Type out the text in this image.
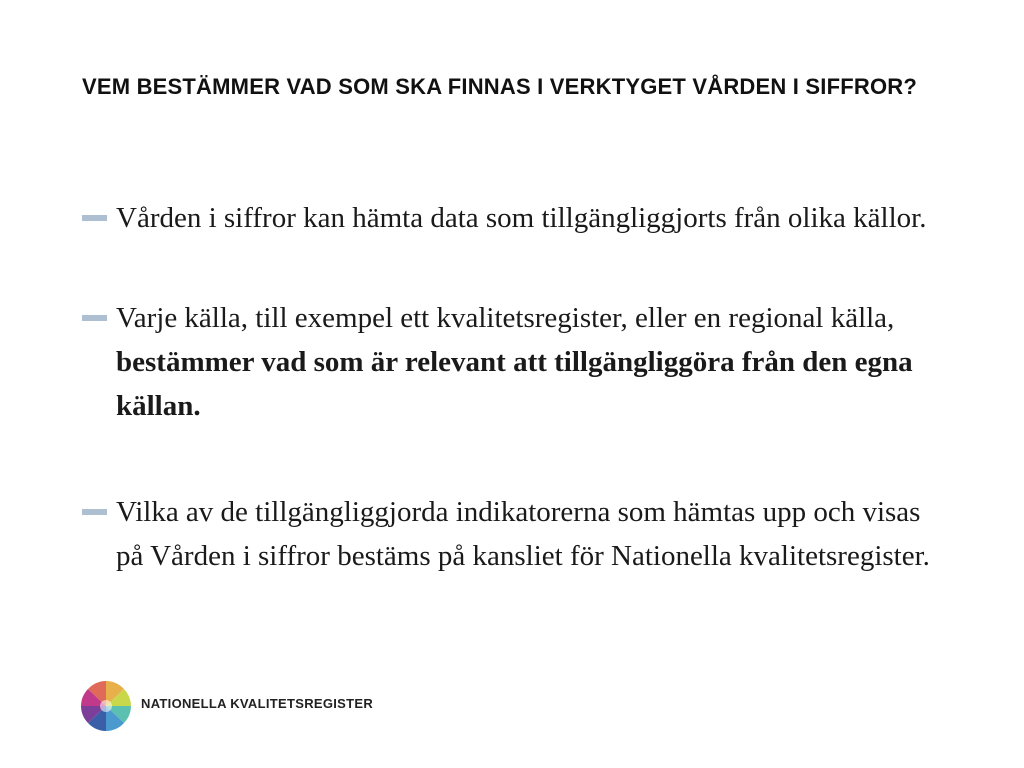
VEM BESTÄMMER VAD SOM SKA FINNAS I VERKTYGET VÅRDEN I SIFFROR?
Vården i siffror kan hämta data som tillgängliggjorts från olika källor.
Varje källa, till exempel ett kvalitetsregister, eller en regional källa, bestämmer vad som är relevant att tillgängliggöra från den egna källan.
Vilka av de tillgängliggjorda indikatorerna som hämtas upp och visas på Vården i siffror bestäms på kansliet för Nationella kvalitetsregister.
NATIONELLA KVALITETSREGISTER
